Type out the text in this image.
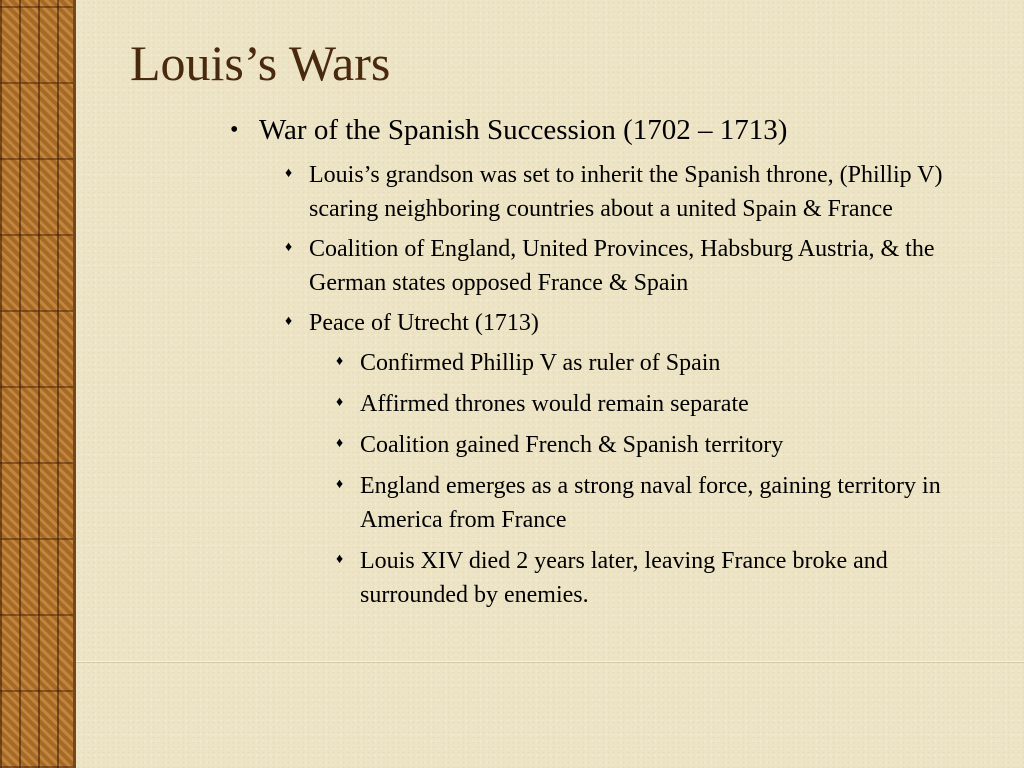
Louis’s Wars
• War of the Spanish Succession (1702 – 1713)
♦ Louis’s grandson was set to inherit the Spanish throne, (Phillip V) scaring neighboring countries about a united Spain & France
♦ Coalition of England, United Provinces, Habsburg Austria, & the German states opposed France & Spain
♦ Peace of Utrecht (1713)
♦ Confirmed Phillip V as ruler of Spain
♦ Affirmed thrones would remain separate
♦ Coalition gained French & Spanish territory
♦ England emerges as a strong naval force, gaining territory in America from France
♦ Louis XIV died 2 years later, leaving France broke and surrounded by enemies.
